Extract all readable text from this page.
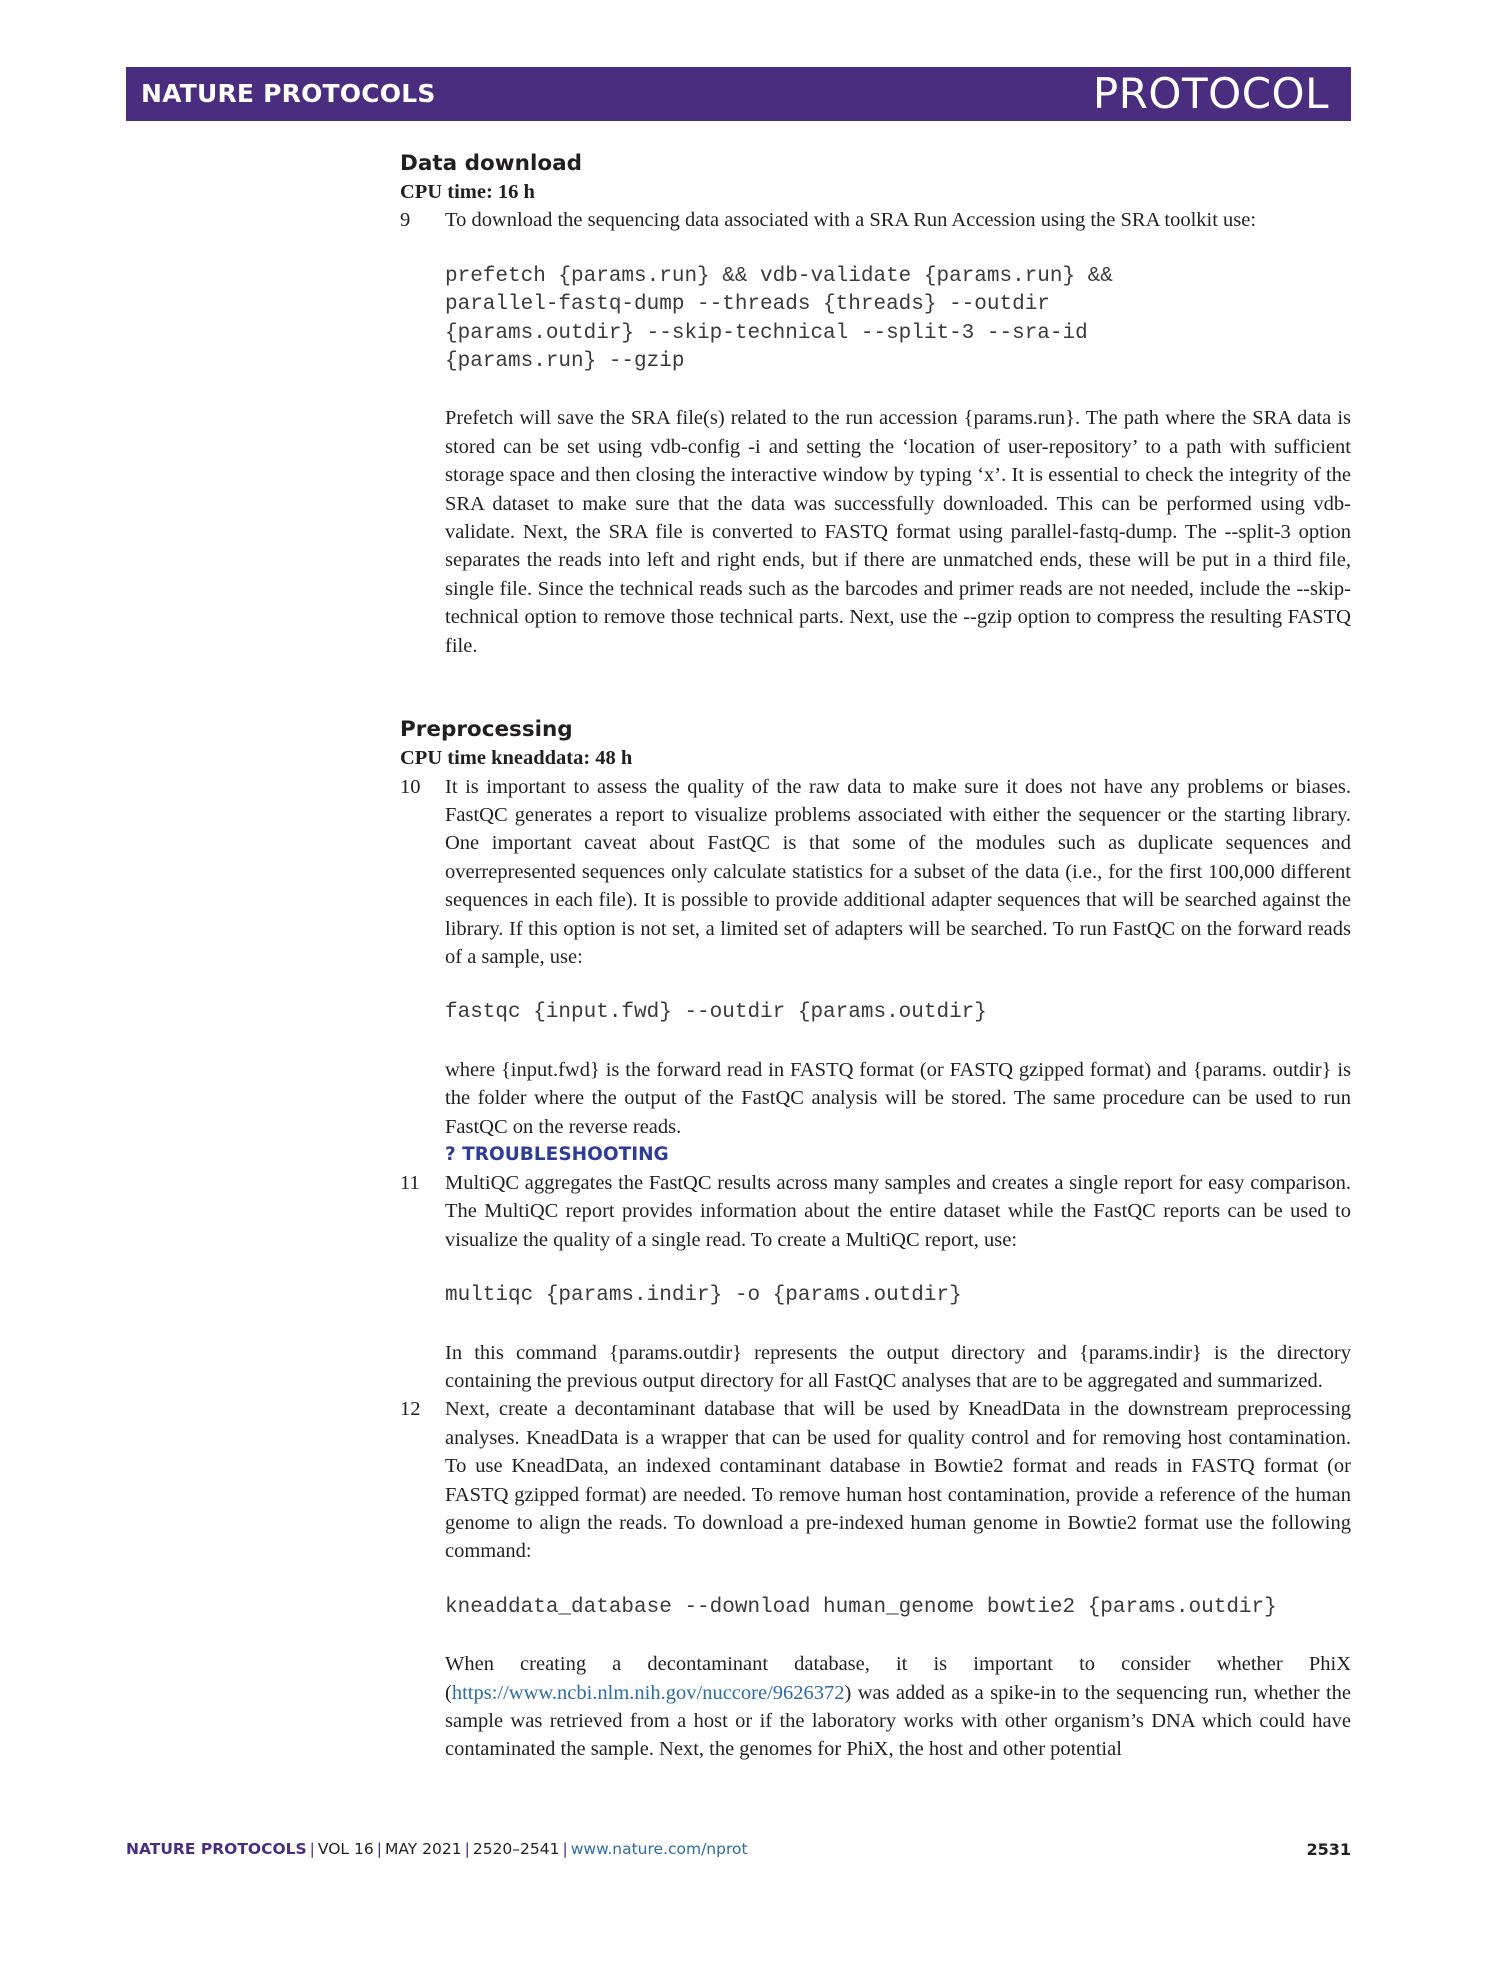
NATURE PROTOCOLS	PROTOCOL
Data download
CPU time: 16 h
9 To download the sequencing data associated with a SRA Run Accession using the SRA toolkit use:

prefetch {params.run} && vdb-validate {params.run} &&
parallel-fastq-dump --threads {threads} --outdir
{params.outdir} --skip-technical --split-3 --sra-id
{params.run} --gzip

Prefetch will save the SRA file(s) related to the run accession {params.run}. The path where the SRA data is stored can be set using vdb-config -i and setting the ‘location of user-repository’ to a path with sufficient storage space and then closing the interactive window by typing ‘x’. It is essential to check the integrity of the SRA dataset to make sure that the data was successfully downloaded. This can be performed using vdb-validate. Next, the SRA file is converted to FASTQ format using parallel-fastq-dump. The --split-3 option separates the reads into left and right ends, but if there are unmatched ends, these will be put in a third file, single file. Since the technical reads such as the barcodes and primer reads are not needed, include the --skip-technical option to remove those technical parts. Next, use the --gzip option to compress the resulting FASTQ file.

Preprocessing
CPU time kneaddata: 48 h
10 It is important to assess the quality of the raw data to make sure it does not have any problems or biases. FastQC generates a report to visualize problems associated with either the sequencer or the starting library. One important caveat about FastQC is that some of the modules such as duplicate sequences and overrepresented sequences only calculate statistics for a subset of the data (i.e., for the first 100,000 different sequences in each file). It is possible to provide additional adapter sequences that will be searched against the library. If this option is not set, a limited set of adapters will be searched. To run FastQC on the forward reads of a sample, use:

fastqc {input.fwd} --outdir {params.outdir}

where {input.fwd} is the forward read in FASTQ format (or FASTQ gzipped format) and {params. outdir} is the folder where the output of the FastQC analysis will be stored. The same procedure can be used to run FastQC on the reverse reads.

? TROUBLESHOOTING
11 MultiQC aggregates the FastQC results across many samples and creates a single report for easy comparison. The MultiQC report provides information about the entire dataset while the FastQC reports can be used to visualize the quality of a single read. To create a MultiQC report, use:

multiqc {params.indir} -o {params.outdir}

In this command {params.outdir} represents the output directory and {params.indir} is the directory containing the previous output directory for all FastQC analyses that are to be aggregated and summarized.

12 Next, create a decontaminant database that will be used by KneadData in the downstream preprocessing analyses. KneadData is a wrapper that can be used for quality control and for removing host contamination. To use KneadData, an indexed contaminant database in Bowtie2 format and reads in FASTQ format (or FASTQ gzipped format) are needed. To remove human host contamination, provide a reference of the human genome to align the reads. To download a pre-indexed human genome in Bowtie2 format use the following command:

kneaddata_database --download human_genome bowtie2 {params.outdir}

When creating a decontaminant database, it is important to consider whether PhiX (https://www.ncbi.nlm.nih.gov/nuccore/9626372) was added as a spike-in to the sequencing run, whether the sample was retrieved from a host or if the laboratory works with other organism’s DNA which could have contaminated the sample. Next, the genomes for PhiX, the host and other potential

NATURE PROTOCOLS | VOL 16 | MAY 2021 | 2520–2541 | www.nature.com/nprot	2531
